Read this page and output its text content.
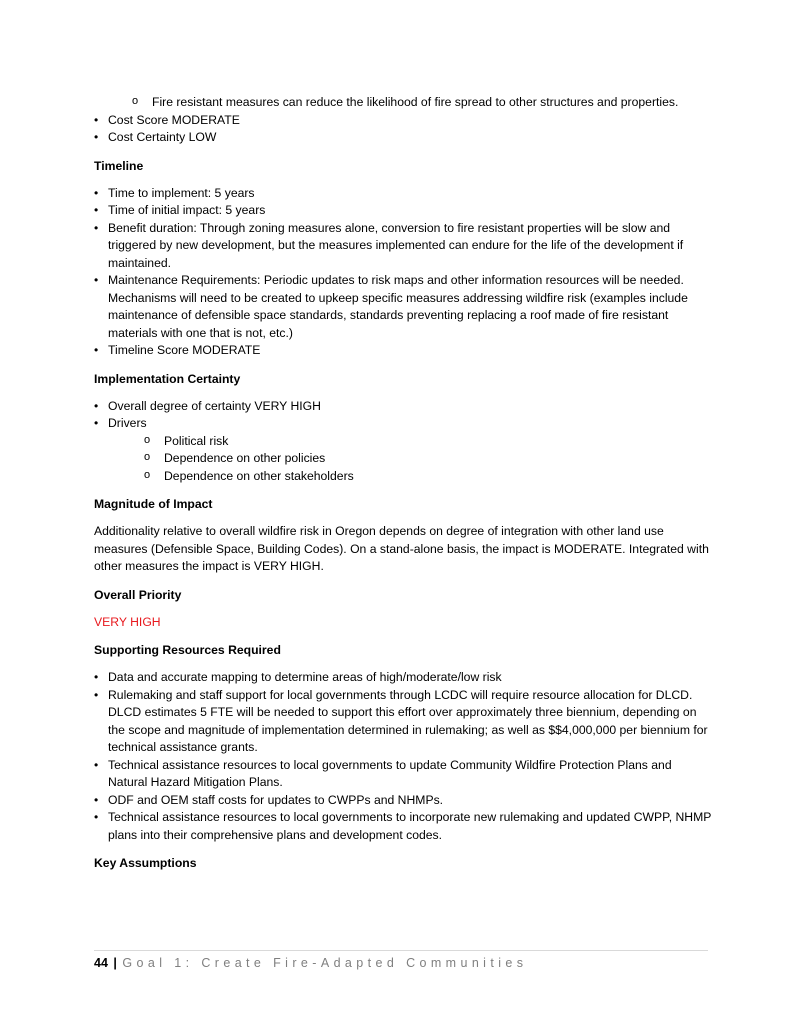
o Fire resistant measures can reduce the likelihood of fire spread to other structures and properties.
• Cost Score MODERATE
• Cost Certainty LOW
Timeline
• Time to implement: 5 years
• Time of initial impact: 5 years
• Benefit duration: Through zoning measures alone, conversion to fire resistant properties will be slow and triggered by new development, but the measures implemented can endure for the life of the development if maintained.
• Maintenance Requirements: Periodic updates to risk maps and other information resources will be needed. Mechanisms will need to be created to upkeep specific measures addressing wildfire risk (examples include maintenance of defensible space standards, standards preventing replacing a roof made of fire resistant materials with one that is not, etc.)
• Timeline Score MODERATE
Implementation Certainty
• Overall degree of certainty VERY HIGH
• Drivers
o Political risk
o Dependence on other policies
o Dependence on other stakeholders
Magnitude of Impact

Additionality relative to overall wildfire risk in Oregon depends on degree of integration with other land use measures (Defensible Space, Building Codes). On a stand-alone basis, the impact is MODERATE. Integrated with other measures the impact is VERY HIGH.

Overall Priority

VERY HIGH

Supporting Resources Required
• Data and accurate mapping to determine areas of high/moderate/low risk
• Rulemaking and staff support for local governments through LCDC will require resource allocation for DLCD. DLCD estimates 5 FTE will be needed to support this effort over approximately three biennium, depending on the scope and magnitude of implementation determined in rulemaking; as well as $$4,000,000 per biennium for technical assistance grants.
• Technical assistance resources to local governments to update Community Wildfire Protection Plans and Natural Hazard Mitigation Plans.
• ODF and OEM staff costs for updates to CWPPs and NHMPs.
• Technical assistance resources to local governments to incorporate new rulemaking and updated CWPP, NHMP plans into their comprehensive plans and development codes.
Key Assumptions
44 | Goal 1: Create Fire-Adapted Communities
